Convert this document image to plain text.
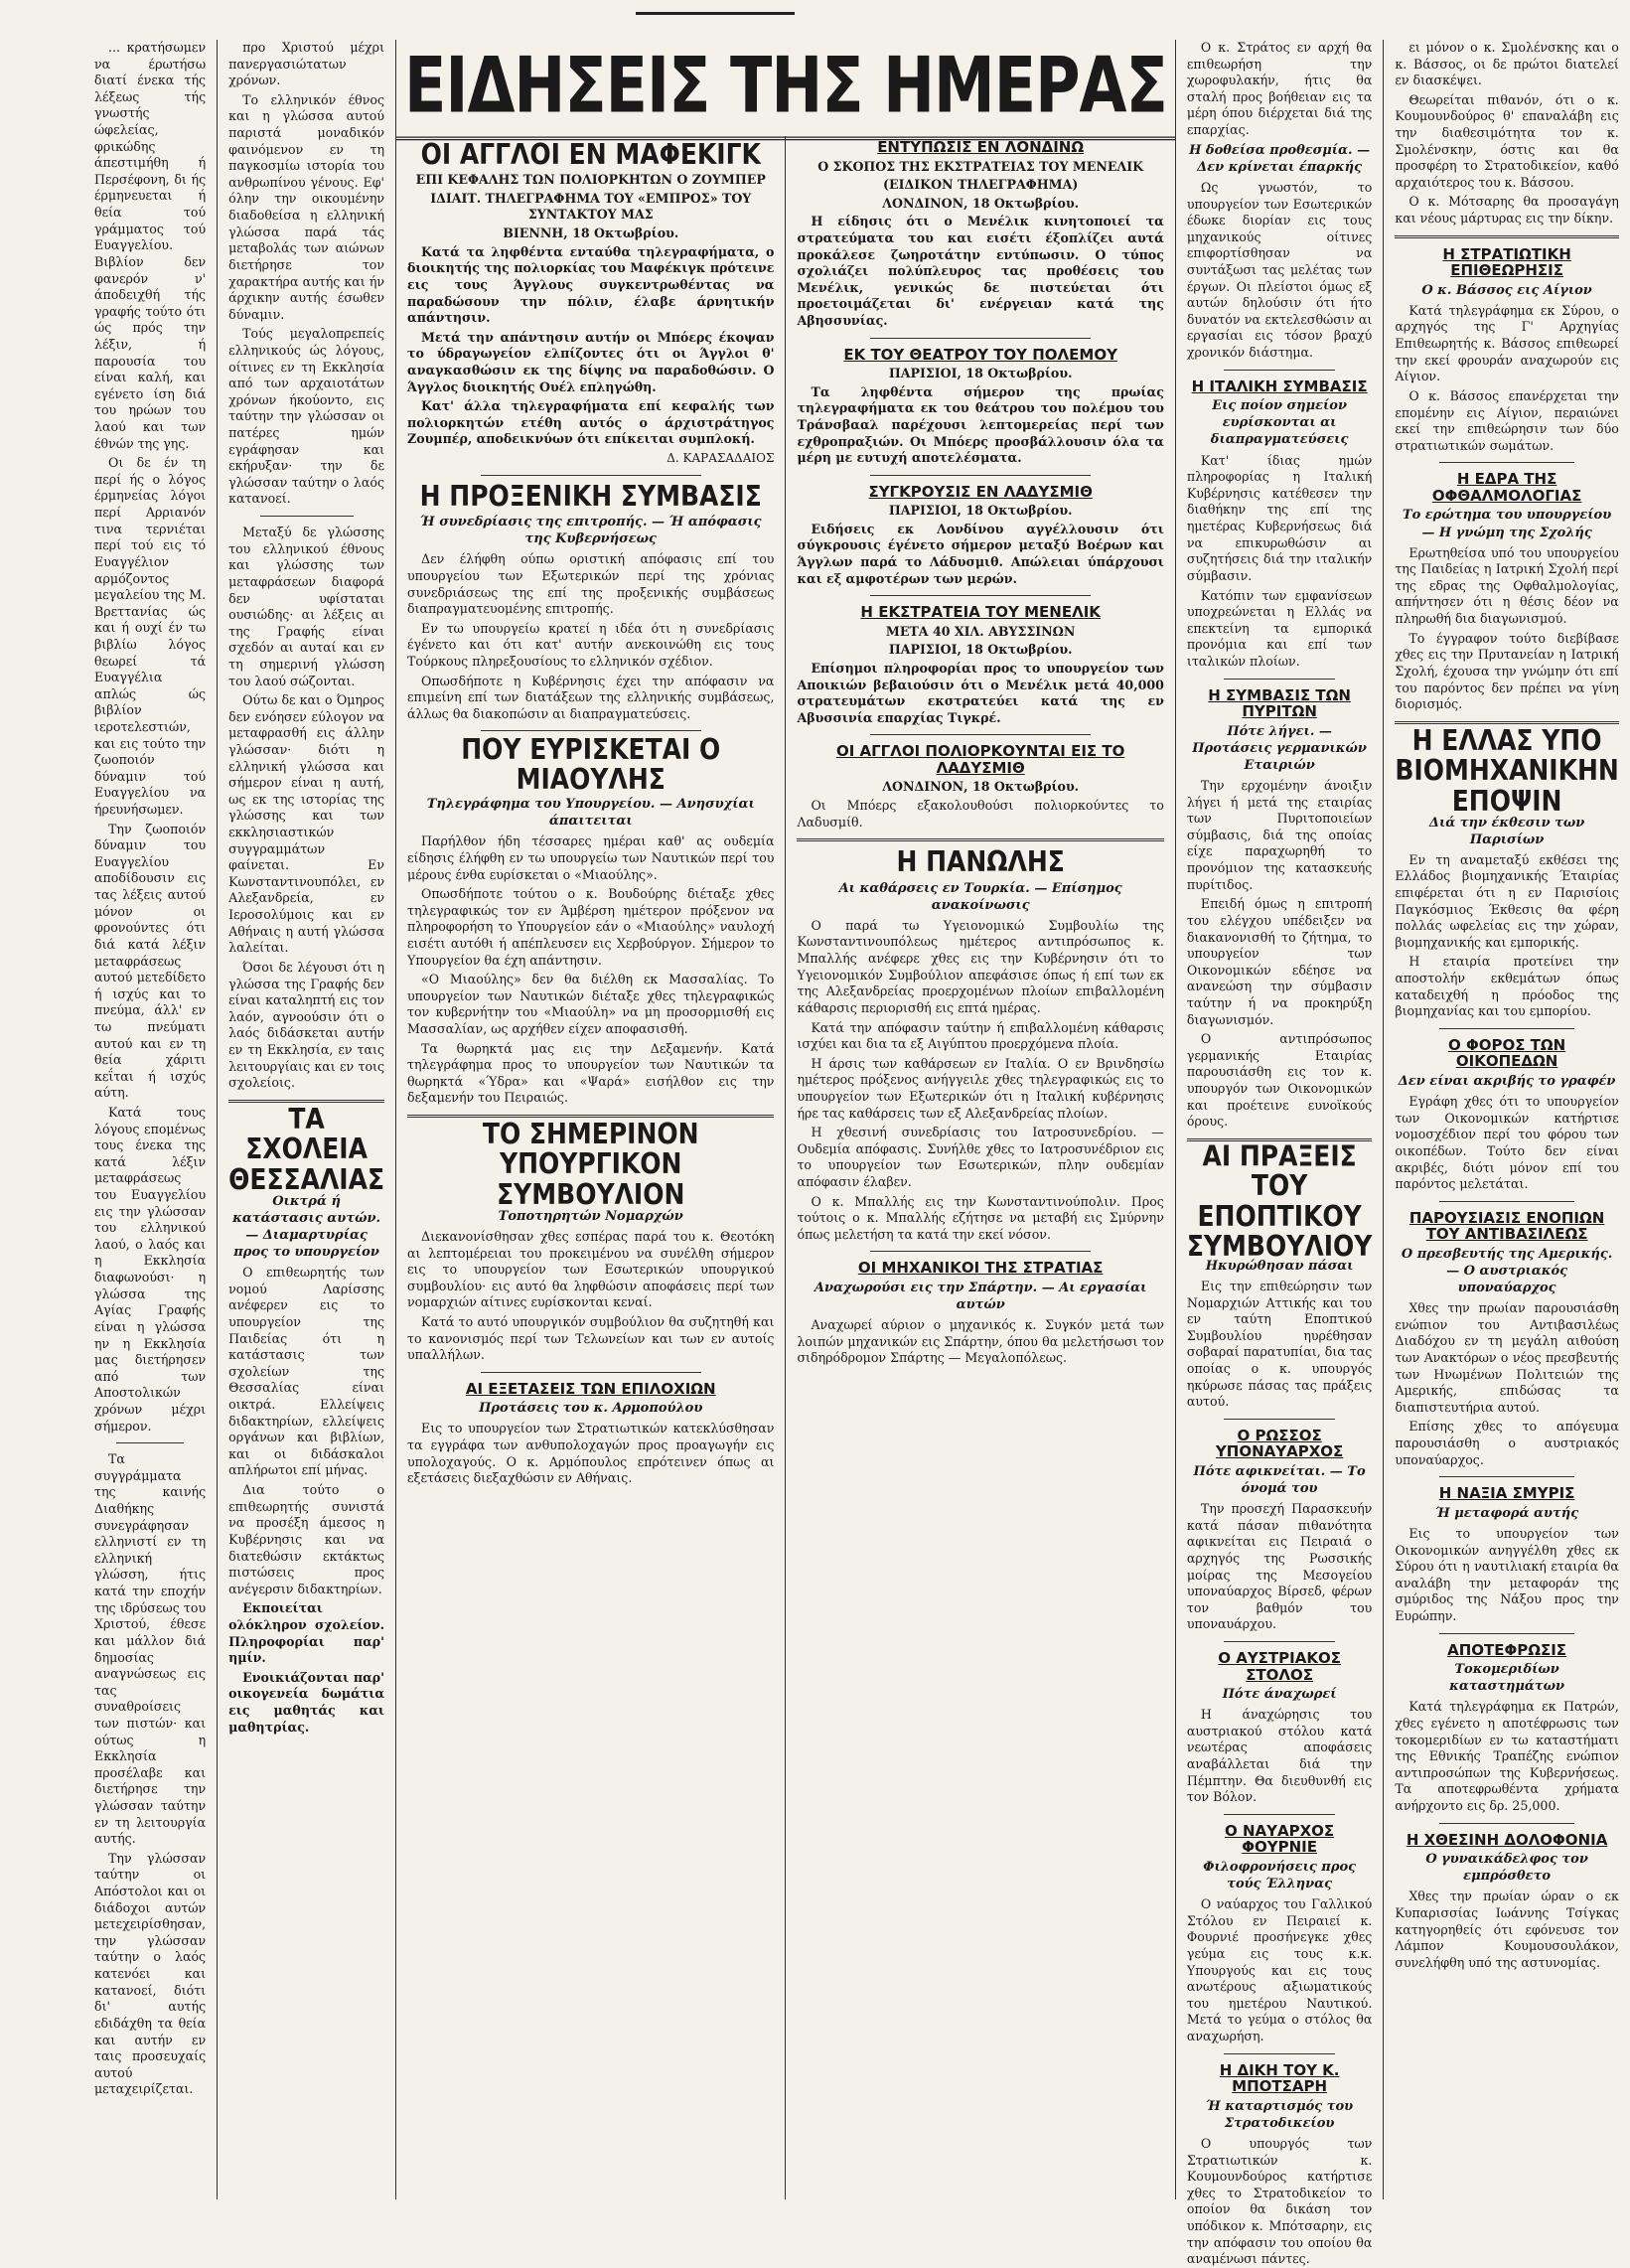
... κρατήσωμεν να έρωτήσω διατί ένεκα τής λέξεως τής γνωστής ώφελείας, φρικώδης άπεστιμήθη ή Περσέφονη, δι ής έρμηνευεται ή θεία τού γράμματος τού Ευαγγελίου. Βιβλίον δεν φανερόν ν' άποδειχθή τής γραφής τούτο ότι ώς πρός την λέξιν, ή παρουσία του είναι καλή, και εγένετο ίση διά του ηρώων του λαού και των έθνών της γης.

Οι δε έν τη περί ής ο λόγος έρμηνείας λόγοι περί Αρριανόν τινα τερνιέται περί τού εις τό Ευαγγέλιον αρμόζοντος μεγαλείου της Μ. Βρεττανίας ώς και ή ουχί έν τω βιβλίω λόγος θεωρεί τά Ευαγγέλια απλώς ώς βιβλίον ιεροτελεστιών, και εις τούτο την ζωοποιόν δύναμιν τού Ευαγγελίου να ήρευνήσωμεν.

Την ζωοποιόν δύναμιν του Ευαγγελίου αποδίδουσιν εις τας λέξεις αυτού μόνον οι φρονούντες ότι διά κατά λέξιν μεταφράσεως αυτού μετεδίδετο ή ισχύς και το πνεύμα, άλλ' εν τω πνεύματι αυτού και εν τη θεία χάριτι κεΐται ή ισχύς αύτη.

Κατά τους λόγους επομένως τους ένεκα της κατά λέξιν μεταφράσεως του Ευαγγελίου εις την γλώσσαν του ελληνικού λαού, ο λαός και η Εκκλησία διαφωνούσι· η γλώσσα της Αγίας Γραφής είναι η γλώσσα ην η Εκκλησία μας διετήρησεν από των Αποστολικών χρόνων μέχρι σήμερον.

Τα συγγράμματα της καινής Διαθήκης συνεγράφησαν ελληνιστί εν τη ελληνική γλώσση, ήτις κατά την εποχήν της ιδρύσεως του Χριστού, έθεσε και μάλλον διά δημοσίας αναγνώσεως εις τας συναθροίσεις των πιστών· και ούτως η Εκκλησία προσέλαβε και διετήρησε την γλώσσαν ταύτην εν τη λειτουργία αυτής.

Την γλώσσαν ταύτην οι Απόστολοι και οι διάδοχοι αυτών μετεχειρίσθησαν, την γλώσσαν ταύτην ο λαός κατενόει και κατανοεί, διότι δι' αυτής εδιδάχθη τα θεία και αυτήν εν ταις προσευχαίς αυτού μεταχειρίζεται.

προ Χριστού μέχρι πανεργασιώτατων χρόνων.

Το ελληνικόν έθνος και η γλώσσα αυτού παριστά μοναδικόν φαινόμενον εν τη παγκοσμίω ιστορία του ανθρωπίνου γένους. Εφ' όλην την οικουμένην διαδοθείσα η ελληνική γλώσσα παρά τάς μεταβολάς των αιώνων διετήρησε τον χαρακτήρα αυτής και ήν άρχικην αυτής έσωθεν δύναμιν.

Τούς μεγαλοπρεπείς ελληνικούς ώς λόγους, οίτινες εν τη Εκκλησία από των αρχαιοτάτων χρόνων ήκούοντο, εις ταύτην την γλώσσαν οι πατέρες ημών εγράφησαν και εκήρυξαν· την δε γλώσσαν ταύτην ο λαός κατανοεί.

Μεταξύ δε γλώσσης του ελληνικού έθνους και γλώσσης των μεταφράσεων διαφορά δεν υφίσταται ουσιώδης· αι λέξεις αι της Γραφής είναι σχεδόν αι αυταί και εν τη σημερινή γλώσση του λαού σώζονται.

Ούτω δε και ο Όμηρος δεν ενόησεν εύλογον να μεταφρασθή εις άλλην γλώσσαν· διότι η ελληνική γλώσσα και σήμερον είναι η αυτή, ως εκ της ιστορίας της γλώσσης και των εκκλησιαστικών συγγραμμάτων φαίνεται. Εν Κωνσταντινουπόλει, εν Αλεξανδρεία, εν Ιεροσολύμοις και εν Αθήναις η αυτή γλώσσα λαλείται.

Όσοι δε λέγουσι ότι η γλώσσα της Γραφής δεν είναι καταληπτή εις τον λαόν, αγνοούσιν ότι ο λαός διδάσκεται αυτήν εν τη Εκκλησία, εν ταις λειτουργίαις και εν τοις σχολείοις.

ΤΑ ΣΧΟΛΕΙΑ ΘΕΣΣΑΛΙΑΣ
Οικτρά ή κατάστασις αυτών. — Διαμαρτυρίας προς το υπουργείον

Ο επιθεωρητής των νομού Λαρίσσης ανέφερεν εις το υπουργείον της Παιδείας ότι η κατάστασις των σχολείων της Θεσσαλίας είναι οικτρά. Ελλείψεις διδακτηρίων, ελλείψεις οργάνων και βιβλίων, και οι διδάσκαλοι απλήρωτοι επί μήνας.

Δια τούτο ο επιθεωρητής συνιστά να προσέξη άμεσος η Κυβέρνησις και να διατεθώσιν εκτάκτως πιστώσεις προς ανέγερσιν διδακτηρίων.

Εκποιείται ολόκληρον σχολείον. Πληροφορίαι παρ' ημίν.

Ενοικιάζονται παρ' οικογενεία δωμάτια εις μαθητάς και μαθητρίας.

ΕΙΔΗΣΕΙΣ ΤΗΣ ΗΜΕΡΑΣ
ΟΙ ΑΓΓΛΟΙ ΕΝ ΜΑΦΕΚΙΓΚ
ΕΠΙ ΚΕΦΑΛΗΣ ΤΩΝ ΠΟΛΙΟΡΚΗΤΩΝ Ο ΖΟΥΜΠΕΡ
ΙΔΙΑΙΤ. ΤΗΛΕΓΡΑΦΗΜΑ ΤΟΥ «ΕΜΠΡΟΣ» ΤΟΥ ΣΥΝΤΑΚΤΟΥ ΜΑΣ
ΒΙΕΝΝΗ, 18 Οκτωβρίου.

Κατά τα ληφθέντα ενταύθα τηλεγραφήματα, ο διοικητής της πολιορκίας του Μαφέκιγκ πρότεινε εις τους Άγγλους συγκεντρωθέντας να παραδώσουν την πόλιν, έλαβε άρνητικήν απάντησιν.

Μετά την απάντησιν αυτήν οι Μπόερς έκοψαν το ύδραγωγείον ελπίζοντες ότι οι Άγγλοι θ' αναγκασθώσιν εκ της δίψης να παραδοθώσιν. Ο Άγγλος διοικητής Ουέλ επληγώθη.

Κατ' άλλα τηλεγραφήματα επί κεφαλής των πολιορκητών ετέθη αυτός ο άρχιστράτηγος Ζουμπέρ, αποδεικνύων ότι επίκειται συμπλοκή.

Δ. ΚΑΡΑΣΑΔΑΙΟΣ
Η ΠΡΟΞΕΝΙΚΗ ΣΥΜΒΑΣΙΣ
Ή συνεδρίασις της επιτροπής. — Ή απόφασις της Κυβερνήσεως

Δεν έλήφθη ούπω οριστική απόφασις επί του υπουργείου των Εξωτερικών περί της χρόνιας συνεδριάσεως της επί της προξενικής συμβάσεως διαπραγματευομένης επιτροπής.

Εν τω υπουργείω κρατεί η ιδέα ότι η συνεδρίασις έγένετο και ότι κατ' αυτήν ανεκοινώθη εις τους Τούρκους πληρεξουσίους το ελληνικόν σχέδιον.

Οπωσδήποτε η Κυβέρνησις έχει την απόφασιν να επιμείνη επί των διατάξεων της ελληνικής συμβάσεως, άλλως θα διακοπώσιν αι διαπραγματεύσεις.

ΠΟΥ ΕΥΡΙΣΚΕΤΑΙ Ο ΜΙΑΟΥΛΗΣ
Τηλεγράφημα του Υπουργείου. — Ανησυχίαι άπαιτειται

Παρήλθον ήδη τέσσαρες ημέραι καθ' ας ουδεμία είδησις έλήφθη εν τω υπουργείω των Ναυτικών περί του μέρους ένθα ευρίσκεται ο «Μιαούλης».

Οπωσδήποτε τούτου ο κ. Βουδούρης διέταξε χθες τηλεγραφικώς τον εν Άμβέρση ημέτερον πρόξενον να πληροφορήση το Υπουργείον εάν ο «Μιαούλης» ναυλοχή εισέτι αυτόθι ή απέπλευσεν εις Χερβούργον. Σήμερον το Υπουργείον θα έχη απάντησιν.

«Ο Μιαούλης» δεν θα διέλθη εκ Μασσαλίας. Το υπουργείον των Ναυτικών διέταξε χθες τηλεγραφικώς τον κυβερνήτην του «Μιαούλη» να μη προσορμισθή εις Μασσαλίαν, ως αρχήθεν είχεν αποφασισθή.

Τα θωρηκτά μας εις την Δεξαμενήν. Κατά τηλεγράφημα προς το υπουργείον των Ναυτικών τα θωρηκτά «Ύδρα» και «Ψαρά» εισήλθον εις την δεξαμενήν του Πειραιώς.

ΤΟ ΣΗΜΕΡΙΝΟΝ ΥΠΟΥΡΓΙΚΟΝ ΣΥΜΒΟΥΛΙΟΝ
Τοποτηρητών Νομαρχών

Διεκανονίσθησαν χθες εσπέρας παρά του κ. Θεοτόκη αι λεπτομέρειαι του προκειμένου να συνέλθη σήμερον εις το υπουργείον των Εσωτερικών υπουργικού συμβουλίου· εις αυτό θα ληφθώσιν αποφάσεις περί των νομαρχιών αίτινες ευρίσκονται κεναί.

Κατά το αυτό υπουργικόν συμβούλιον θα συζητηθή και το κανονισμός περί των Τελωνείων και των εν αυτοίς υπαλλήλων.

ΑΙ ΕΞΕΤΑΣΕΙΣ ΤΩΝ ΕΠΙΛΟΧΙΩΝ
Προτάσεις του κ. Αρμοπούλου

Εις το υπουργείον των Στρατιωτικών κατεκλύσθησαν τα εγγράφα των ανθυπολοχαγών προς προαγωγήν εις υπολοχαγούς. Ο κ. Αρμόπουλος επρότεινεν όπως αι εξετάσεις διεξαχθώσιν εν Αθήναις.

ΕΝΤΥΠΩΣΙΣ ΕΝ ΛΟΝΔΙΝΩ
Ο ΣΚΟΠΟΣ ΤΗΣ ΕΚΣΤΡΑΤΕΙΑΣ ΤΟΥ ΜΕΝΕΛΙΚ
(ΕΙΔΙΚΟΝ ΤΗΛΕΓΡΑΦΗΜΑ)
ΛΟΝΔΙΝΟΝ, 18 Οκτωβρίου.

Η είδησις ότι ο Μενέλικ κινητοποιεί τα στρατεύματα του και εισέτι έξοπλίζει αυτά προκάλεσε ζωηροτάτην εντύπωσιν. Ο τύπος σχολιάζει πολύπλευρος τας προθέσεις του Μενέλικ, γενικώς δε πιστεύεται ότι προετοιμάζεται δι' ενέργειαν κατά της Αβησσυνίας.

ΕΚ ΤΟΥ ΘΕΑΤΡΟΥ ΤΟΥ ΠΟΛΕΜΟΥ
ΠΑΡΙΣΙΟΙ, 18 Οκτωβρίου.

Τα ληφθέντα σήμερον της πρωίας τηλεγραφήματα εκ του θεάτρου του πολέμου του Τράνσβααλ παρέχουσι λεπτομερείας περί των εχθροπραξιών. Οι Μπόερς προσβάλλουσιν όλα τα μέρη με ευτυχή αποτελέσματα.

ΣΥΓΚΡΟΥΣΙΣ ΕΝ ΛΑΔΥΣΜΙΘ
ΠΑΡΙΣΙΟΙ, 18 Οκτωβρίου.

Ειδήσεις εκ Λονδίνου αγγέλλουσιν ότι σύγκρουσις έγένετο σήμερον μεταξύ Βοέρων και Άγγλων παρά το Λάδυσμιθ. Απώλειαι ύπάρχουσι και εξ αμφοτέρων των μερών.

Η ΕΚΣΤΡΑΤΕΙΑ ΤΟΥ ΜΕΝΕΛΙΚ
ΜΕΤΑ 40 ΧΙΛ. ΑΒΥΣΣΙΝΩΝ
ΠΑΡΙΣΙΟΙ, 18 Οκτωβρίου.

Επίσημοι πληροφορίαι προς το υπουργείον των Αποικιών βεβαιούσιν ότι ο Μενέλικ μετά 40,000 στρατευμάτων εκστρατεύει κατά της εν Αβυσσινία επαρχίας Τιγκρέ.

ΟΙ ΑΓΓΛΟΙ ΠΟΛΙΟΡΚΟΥΝΤΑΙ ΕΙΣ ΤΟ ΛΑΔΥΣΜΙΘ
ΛΟΝΔΙΝΟΝ, 18 Οκτωβρίου.

Οι Μπόερς εξακολουθούσι πολιορκούντες το Λαδυσμίθ.

Η ΠΑΝΩΛΗΣ
Αι καθάρσεις εν Τουρκία. — Επίσημος ανακοίνωσις

Ο παρά τω Υγειονομικώ Συμβουλίω της Κωνσταντινουπόλεως ημέτερος αντιπρόσωπος κ. Μπαλλής ανέφερε χθες εις την Κυβέρνησιν ότι το Υγειονομικόν Συμβούλιον απεφάσισε όπως ή επί των εκ της Αλεξανδρείας προερχομένων πλοίων επιβαλλομένη κάθαρσις περιορισθή εις επτά ημέρας.

Κατά την απόφασιν ταύτην ή επιβαλλομένη κάθαρσις ισχύει και δια τα εξ Αιγύπτου προερχόμενα πλοία.

Η άρσις των καθάρσεων εν Ιταλία. Ο εν Βρινδησίω ημέτερος πρόξενος ανήγγειλε χθες τηλεγραφικώς εις το υπουργείον των Εξωτερικών ότι η Ιταλική κυβέρνησις ήρε τας καθάρσεις των εξ Αλεξανδρείας πλοίων.

Η χθεσινή συνεδρίασις του Ιατροσυνεδρίου. — Ουδεμία απόφασις. Συνήλθε χθες το Ιατροσυνέδριον εις το υπουργείον των Εσωτερικών, πλην ουδεμίαν απόφασιν έλαβεν.

Ο κ. Μπαλλής εις την Κωνσταντινούπολιν. Προς τούτοις ο κ. Μπαλλής εζήτησε να μεταβή εις Σμύρνην όπως μελετήση τα κατά την εκεί νόσον.

ΟΙ ΜΗΧΑΝΙΚΟΙ ΤΗΣ ΣΤΡΑΤΙΑΣ
Αναχωρούσι εις την Σπάρτην. — Αι εργασίαι αυτών

Αναχωρεί αύριον ο μηχανικός κ. Συγκόν μετά των λοιπών μηχανικών εις Σπάρτην, όπου θα μελετήσωσι τον σιδηρόδρομον Σπάρτης — Μεγαλοπόλεως.

Ο κ. Στράτος εν αρχή θα επιθεωρήση την χωροφυλακήν, ήτις θα σταλή προς βοήθειαν εις τα μέρη όπου διέρχεται διά της επαρχίας.

Η δοθείσα προθεσμία. — Δεν κρίνεται έπαρκής

Ως γνωστόν, το υπουργείον των Εσωτερικών έδωκε διορίαν εις τους μηχανικούς οίτινες επιφορτίσθησαν να συντάξωσι τας μελέτας των έργων. Οι πλείστοι όμως εξ αυτών δηλούσιν ότι ήτο δυνατόν να εκτελεσθώσιν αι εργασίαι εις τόσον βραχύ χρονικόν διάστημα.

Η ΙΤΑΛΙΚΗ ΣΥΜΒΑΣΙΣ
Εις ποίον σημείον ευρίσκονται αι διαπραγματεύσεις

Κατ' ίδιας ημών πληροφορίας η Ιταλική Κυβέρνησις κατέθεσεν την διαθήκην της επί της ημετέρας Κυβερνήσεως διά να επικυρωθώσιν αι συζητήσεις διά την ιταλικήν σύμβασιν.

Κατόπιν των εμφανίσεων υποχρεώνεται η Ελλάς να επεκτείνη τα εμπορικά προνόμια και επί των ιταλικών πλοίων.

Η ΣΥΜΒΑΣΙΣ ΤΩΝ ΠΥΡΙΤΩΝ
Πότε λήγει. — Προτάσεις γερμανικών Εταιριών

Την ερχομένην άνοιξιν λήγει ή μετά της εταιρίας των Πυριτοποιείων σύμβασις, διά της οποίας είχε παραχωρηθή το προνόμιον της κατασκευής πυρίτιδος.

Επειδή όμως η επιτροπή του ελέγχου υπέδειξεν να διακανονισθή το ζήτημα, το υπουργείον των Οικονομικών εδέησε να ανανεώση την σύμβασιν ταύτην ή να προκηρύξη διαγωνισμόν.

Ο αντιπρόσωπος γερμανικής Εταιρίας παρουσιάσθη εις τον κ. υπουργόν των Οικονομικών και προέτεινε ευνοϊκούς όρους.

ΑΙ ΠΡΑΞΕΙΣ ΤΟΥ ΕΠΟΠΤΙΚΟΥ ΣΥΜΒΟΥΛΙΟΥ
Ηκυρώθησαν πάσαι

Εις την επιθεώρησιν των Νομαρχιών Αττικής και του εν ταύτη Εποπτικού Συμβουλίου ηυρέθησαν σοβαραί παρατυπίαι, δια τας οποίας ο κ. υπουργός ηκύρωσε πάσας τας πράξεις αυτού.

Ο ΡΩΣΣΟΣ ΥΠΟΝΑΥΑΡΧΟΣ
Πότε αφικνείται. — Το όνομά του

Την προσεχή Παρασκευήν κατά πάσαν πιθανότητα αφικνείται εις Πειραιά ο αρχηγός της Ρωσσικής μοίρας της Μεσογείου υποναύαρχος Βίρσεδ, φέρων τον βαθμόν του υποναυάρχου.

Ο ΑΥΣΤΡΙΑΚΟΣ ΣΤΟΛΟΣ
Πότε άναχωρεί

Η άναχώρησις του αυστριακού στόλου κατά νεωτέρας αποφάσεις αναβάλλεται διά την Πέμπτην. Θα διευθυνθή εις τον Βόλον.

Ο ΝΑΥΑΡΧΟΣ ΦΟΥΡΝΙΕ
Φιλοφρονήσεις προς τούς Έλληνας

Ο ναύαρχος του Γαλλικού Στόλου εν Πειραιεί κ. Φουρνιέ προσήνεγκε χθες γεύμα εις τους κ.κ. Υπουργούς και εις τους ανωτέρους αξιωματικούς του ημετέρου Ναυτικού. Μετά το γεύμα ο στόλος θα αναχωρήση.

Η ΔΙΚΗ ΤΟΥ Κ. ΜΠΟΤΣΑΡΗ
Ή καταρτισμός του Στρατοδικείου

Ο υπουργός των Στρατιωτικών κ. Κουμουνδούρος κατήρτισε χθες το Στρατοδικείον το οποίον θα δικάση τον υπόδικον κ. Μπότσαρην, εις την απόφασιν του οποίου θα αναμένωσι πάντες.

ει μόνον ο κ. Σμολένσκης και ο κ. Βάσσος, οι δε πρώτοι διατελεί εν διασκέψει.

Θεωρείται πιθανόν, ότι ο κ. Κουμουνδούρος θ' επαναλάβη εις την διαθεσιμότητα τον κ. Σμολένσκην, όστις και θα προσφέρη το Στρατοδικείον, καθό αρχαιότερος του κ. Βάσσου.

Ο κ. Μότσαρης θα προσαγάγη και νέους μάρτυρας εις την δίκην.

Η ΣΤΡΑΤΙΩΤΙΚΗ ΕΠΙΘΕΩΡΗΣΙΣ
Ο κ. Βάσσος εις Αίγιον

Κατά τηλεγράφημα εκ Σύρου, ο αρχηγός της Γ' Αρχηγίας Επιθεωρητής κ. Βάσσος επιθεωρεί την εκεί φρουράν αναχωρούν εις Αίγιον.

Ο κ. Βάσσος επανέρχεται την επομένην εις Αίγιον, περαιώνει εκεί την επιθεώρησιν των δύο στρατιωτικών σωμάτων.

Η ΕΔΡΑ ΤΗΣ ΟΦΘΑΛΜΟΛΟΓΙΑΣ
Το ερώτημα του υπουργείου — Η γνώμη της Σχολής

Ερωτηθείσα υπό του υπουργείου της Παιδείας η Ιατρική Σχολή περί της εδρας της Οφθαλμολογίας, απήντησεν ότι η θέσις δέον να πληρωθή δια διαγωνισμού.

Το έγγραφον τούτο διεβίβασε χθες εις την Πρυτανείαν η Ιατρική Σχολή, έχουσα την γνώμην ότι επί του παρόντος δεν πρέπει να γίνη διορισμός.

Η ΕΛΛΑΣ ΥΠΟ ΒΙΟΜΗΧΑΝΙΚΗΝ ΕΠΟΨΙΝ
Διά την έκθεσιν των Παρισίων

Εν τη αναμεταξύ εκθέσει της Ελλάδος βιομηχανικής Έταιρίας επιφέρεται ότι η εν Παρισίοις Παγκόσμιος Έκθεσις θα φέρη πολλάς ωφελείας εις την χώραν, βιομηχανικής και εμπορικής.

Η εταιρία προτείνει την αποστολήν εκθεμάτων όπως καταδειχθή η πρόοδος της βιομηχανίας και του εμπορίου.

Ο ΦΟΡΟΣ ΤΩΝ ΟΙΚΟΠΕΔΩΝ
Δεν είναι ακριβής το γραφέν

Εγράφη χθες ότι το υπουργείον των Οικονομικών κατήρτισε νομοσχέδιον περί του φόρου των οικοπέδων. Τούτο δεν είναι ακριβές, διότι μόνον επί του παρόντος μελετάται.

ΠΑΡΟΥΣΙΑΣΙΣ ΕΝΟΠΙΩΝ ΤΟΥ ΑΝΤΙΒΑΣΙΛΕΩΣ
Ο πρεσβευτής της Αμερικής. — Ο αυστριακός υποναύαρχος

Χθες την πρωίαν παρουσιάσθη ενώπιον του Αντιβασιλέως Διαδόχου εν τη μεγάλη αιθούση των Ανακτόρων ο νέος πρεσβευτής των Ηνωμένων Πολιτειών της Αμερικής, επιδώσας τα διαπιστευτήρια αυτού.

Επίσης χθες το απόγευμα παρουσιάσθη ο αυστριακός υποναύαρχος.

Η ΝΑΞΙΑ ΣΜΥΡΙΣ
Ή μεταφορά αυτής

Εις το υπουργείον των Οικονομικών ανηγγέλθη χθες εκ Σύρου ότι η ναυτιλιακή εταιρία θα αναλάβη την μεταφοράν της σμύριδος της Νάξου προς την Ευρώπην.

ΑΠΟΤΕΦΡΩΣΙΣ
Τοκομεριδίων καταστημάτων

Κατά τηλεγράφημα εκ Πατρών, χθες εγένετο η αποτέφρωσις των τοκομεριδίων εν τω καταστήματι της Εθνικής Τραπέζης ενώπιον αντιπροσώπων της Κυβερνήσεως. Τα αποτεφρωθέντα χρήματα ανήρχοντο εις δρ. 25,000.

Η ΧΘΕΣΙΝΗ ΔΟΛΟΦΟΝΙΑ
Ο γυναικάδελφος τον εμπρόσθετο

Χθες την πρωίαν ώραν ο εκ Κυπαρισσίας Ιωάννης Τσίγκας κατηγορηθείς ότι εφόνευσε τον Λάμπον Κουμουσουλάκον, συνελήφθη υπό της αστυνομίας.
